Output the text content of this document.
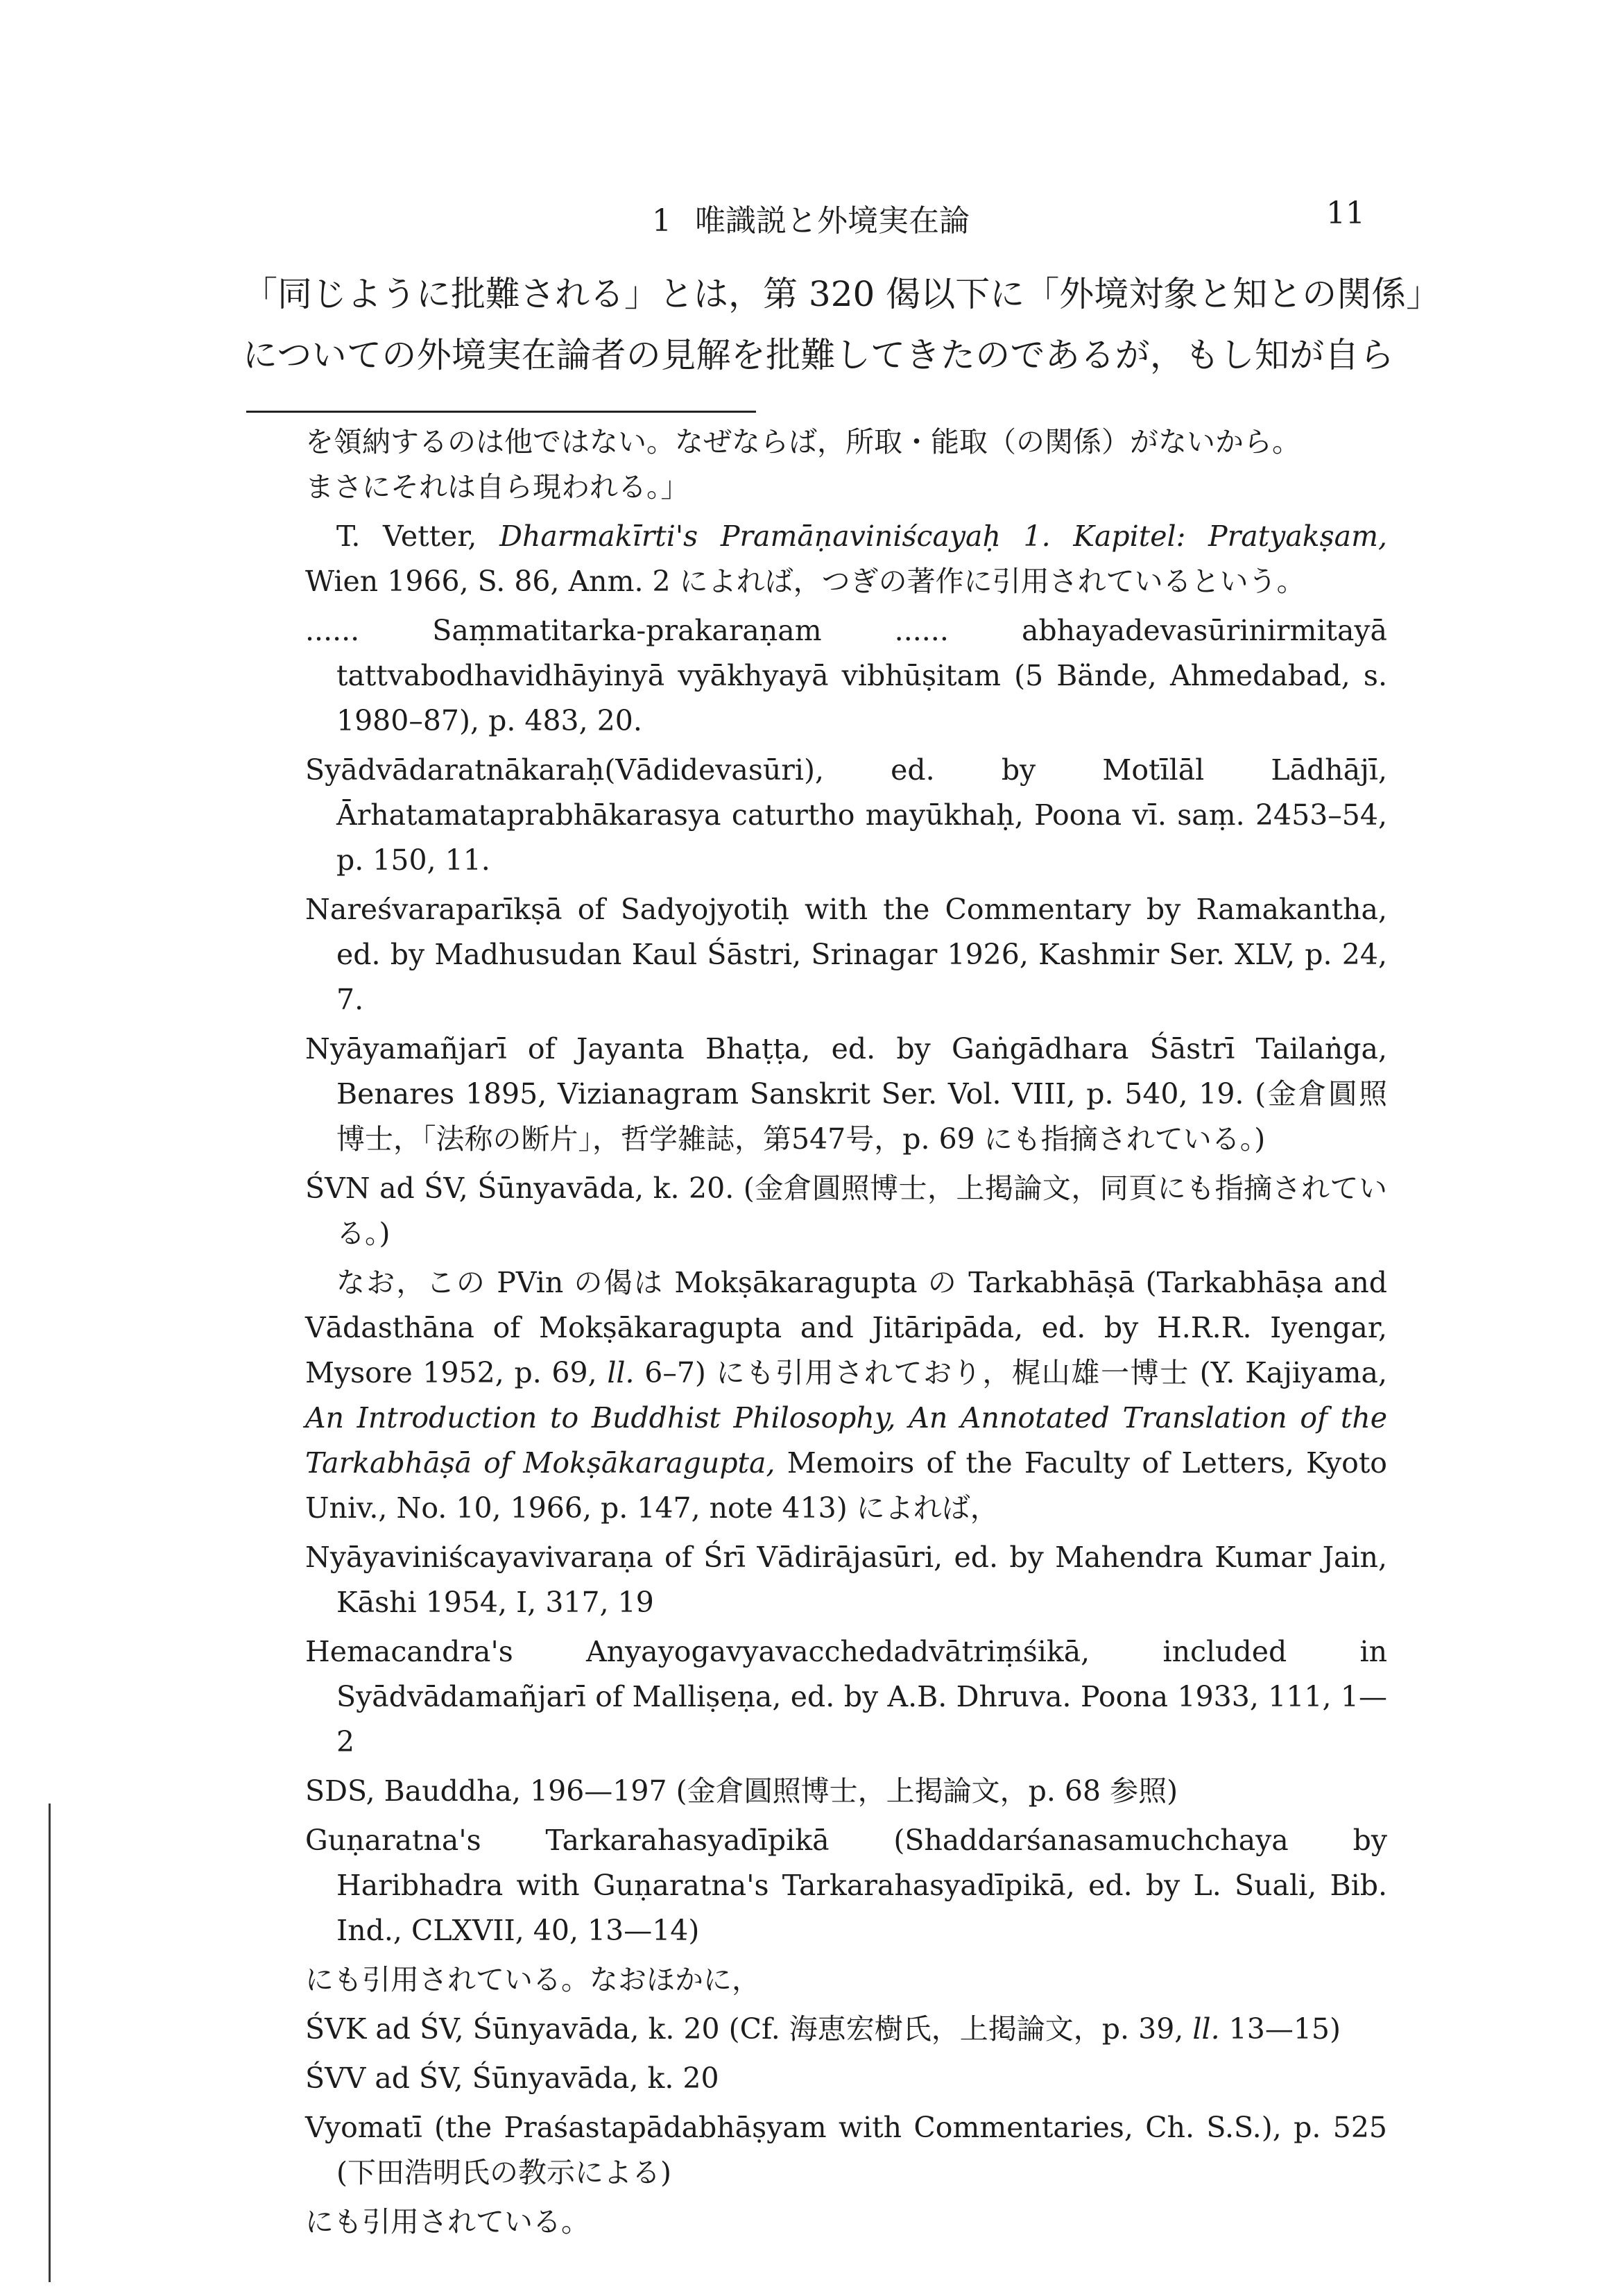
1 唯識説と外境実在論	11

「同じように批難される」とは，第 320 偈以下に「外境対象と知との関係」

についての外境実在論者の見解を批難してきたのであるが，もし知が自ら

を領納するのは他ではない。なぜならば，所取・能取（の関係）がないから。

まさにそれは自ら現われる。」

T. Vetter, Dharmakīrti's Pramāṇaviniścayaḥ 1. Kapitel: Pratyakṣam, Wien 1966, S. 86, Anm. 2 によれば，つぎの著作に引用されているという。

...... Saṃmatitarka-prakaraṇam ...... abhayadevasūrinirmitayā tattvabodhavidhāyinyā vyākhyayā vibhūṣitam (5 Bände, Ahmedabad, s. 1980–87), p. 483, 20.

Syādvādaratnākaraḥ(Vādidevasūri), ed. by Motīlāl Lādhājī, Ārhatamataprabhākarasya caturtho mayūkhaḥ, Poona vī. saṃ. 2453–54, p. 150, 11.

Nareśvaraparīkṣā of Sadyojyotiḥ with the Commentary by Ramakantha, ed. by Madhusudan Kaul Śāstri, Srinagar 1926, Kashmir Ser. XLV, p. 24, 7.

Nyāyamañjarī of Jayanta Bhaṭṭa, ed. by Gaṅgādhara Śāstrī Tailaṅga, Benares 1895, Vizianagram Sanskrit Ser. Vol. VIII, p. 540, 19. (金倉圓照博士，「法称の断片」，哲学雑誌，第547号，p. 69 にも指摘されている。)

ŚVN ad ŚV, Śūnyavāda, k. 20. (金倉圓照博士，上掲論文，同頁にも指摘されている。)

なお，この PVin の偈は Mokṣākaragupta の Tarkabhāṣā (Tarkabhāṣa and Vādasthāna of Mokṣākaragupta and Jitāripāda, ed. by H.R.R. Iyengar, Mysore 1952, p. 69, ll. 6–7) にも引用されており，梶山雄一博士 (Y. Kajiyama, An Introduction to Buddhist Philosophy, An Annotated Translation of the Tarkabhāṣā of Mokṣākaragupta, Memoirs of the Faculty of Letters, Kyoto Univ., No. 10, 1966, p. 147, note 413) によれば，

Nyāyaviniścayavivaraṇa of Śrī Vādirājasūri, ed. by Mahendra Kumar Jain, Kāshi 1954, I, 317, 19

Hemacandra's Anyayogavyavacchedadvātriṃśikā, included in Syādvādamañjarī of Malliṣeṇa, ed. by A.B. Dhruva. Poona 1933, 111, 1—2

SDS, Bauddha, 196—197 (金倉圓照博士，上掲論文，p. 68 参照)

Guṇaratna's Tarkarahasyadīpikā (Shaddarśanasamuchchaya by Haribhadra with Guṇaratna's Tarkarahasyadīpikā, ed. by L. Suali, Bib. Ind., CLXVII, 40, 13—14)

にも引用されている。なおほかに，

ŚVK ad ŚV, Śūnyavāda, k. 20 (Cf. 海恵宏樹氏，上掲論文，p. 39, ll. 13—15)

ŚVV ad ŚV, Śūnyavāda, k. 20

Vyomatī (the Praśastapādabhāṣyam with Commentaries, Ch. S.S.), p. 525 (下田浩明氏の教示による)

にも引用されている。
